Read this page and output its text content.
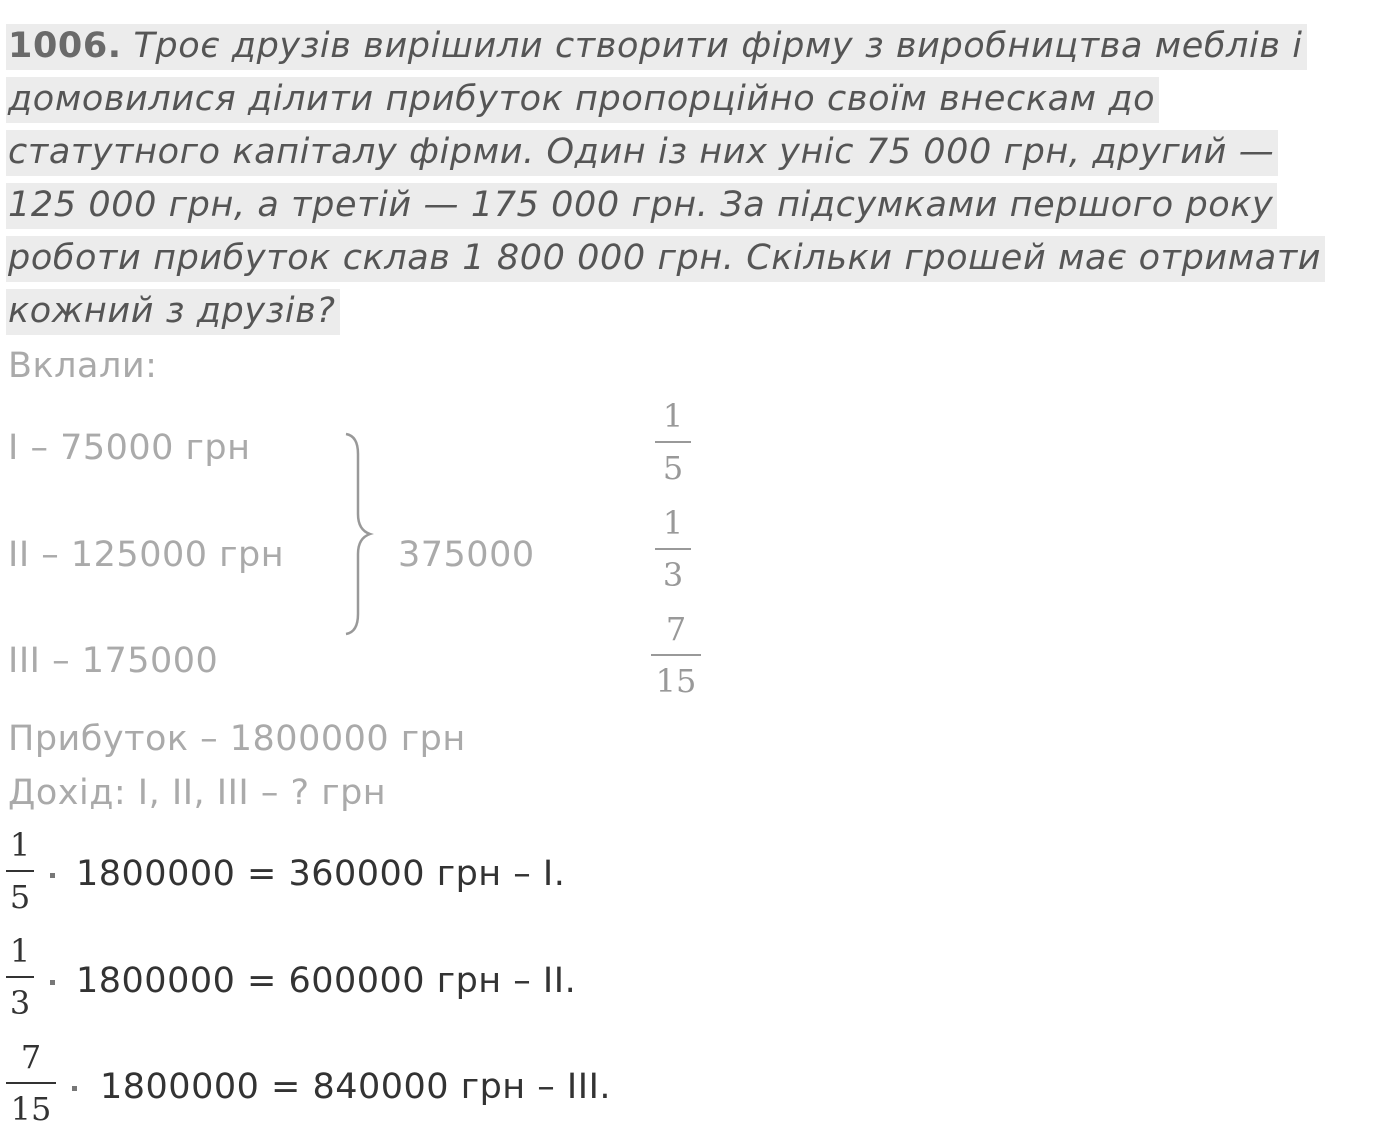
1006. Троє друзів вирішили створити фірму з виробництва меблів і
домовилися ділити прибуток пропорційно своїм внескам до
статутного капіталу фірми. Один із них уніс 75 000 грн, другий —
125 000 грн, а третій — 175 000 грн. За підсумками першого року
роботи прибуток склав 1 800 000 грн. Скільки грошей має отримати
кожний з друзів?
Вклали:
I – 75000 грн
II – 125000 грн
III – 175000
375000
1
5
1
3
7
15
Прибуток – 1800000 грн
Дохід: I, II, III – ? грн
1
5
1800000 = 360000 грн – I.
1
3
1800000 = 600000 грн – II.
7
15
1800000 = 840000 грн – III.
